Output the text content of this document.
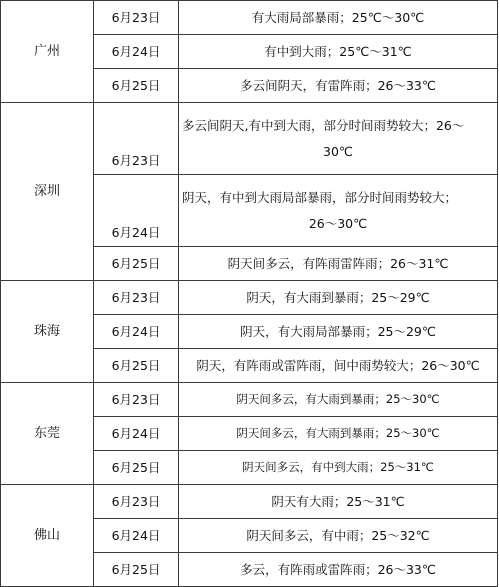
广州	6月23日	有大雨局部暴雨；25℃～30℃
	6月24日	有中到大雨；25℃～31℃
	6月25日	多云间阴天，有雷阵雨；26～33℃
深圳	6月23日	多云间阴天,有中到大雨，部分时间雨势较大；26～
30℃

	6月24日	阴天，有中到大雨局部暴雨，部分时间雨势较大；
26～30℃

	6月25日	阴天间多云，有阵雨雷阵雨；26～31℃
珠海	6月23日	阴天，有大雨到暴雨；25～29℃
	6月24日	阴天，有大雨局部暴雨；25～29℃
	6月25日	阴天，有阵雨或雷阵雨，间中雨势较大；26～30℃
东莞	6月23日	阴天间多云，有大雨到暴雨；25～30℃
	6月24日	阴天间多云，有大雨到暴雨；25～30℃
	6月25日	阴天间多云，有中到大雨；25～31℃
佛山	6月23日	阴天有大雨；25～31℃
	6月24日	阴天间多云，有中雨；25～32℃
	6月25日	多云，有阵雨或雷阵雨；26～33℃
